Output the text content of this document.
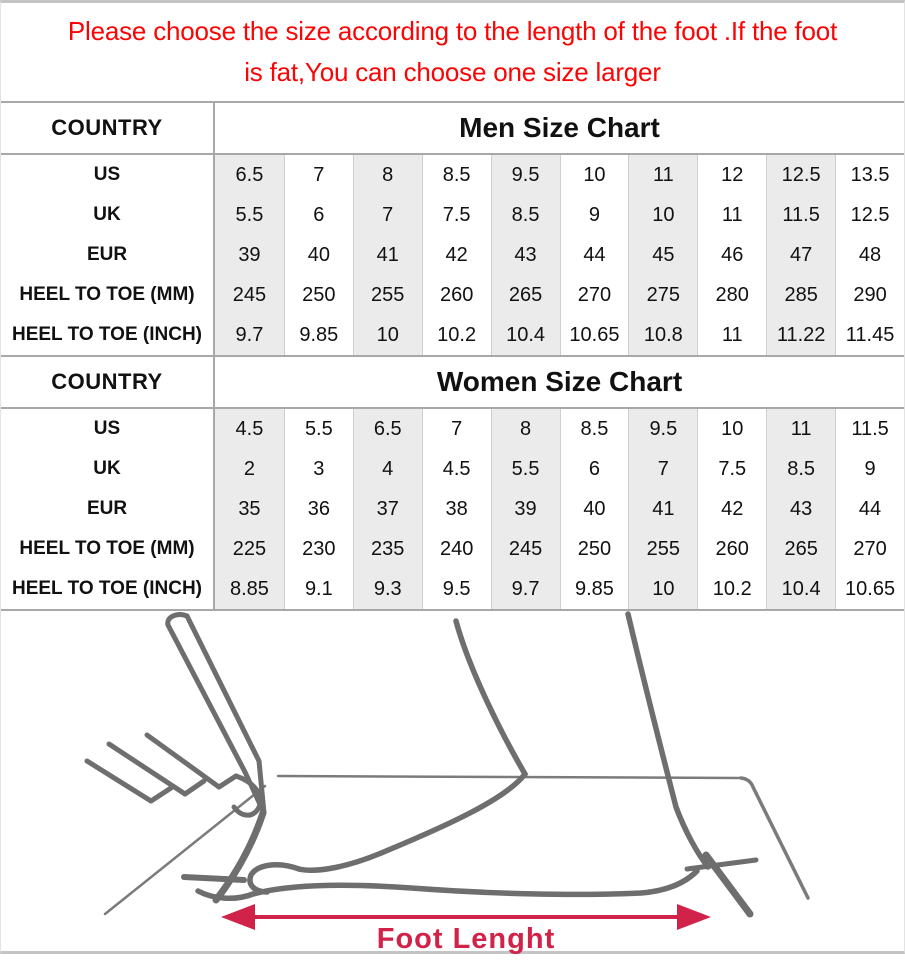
Please choose the size according to the length of the foot .If the foot
is fat,You can choose one size larger
COUNTRY	Men Size Chart
US	6.5	7	8	8.5	9.5	10	11	12	12.5	13.5
UK	5.5	6	7	7.5	8.5	9	10	11	11.5	12.5
EUR	39	40	41	42	43	44	45	46	47	48
HEEL TO TOE (MM)	245	250	255	260	265	270	275	280	285	290
HEEL TO TOE (INCH)	9.7	9.85	10	10.2	10.4	10.65	10.8	11	11.22	11.45
COUNTRY	Women Size Chart
US	4.5	5.5	6.5	7	8	8.5	9.5	10	11	11.5
UK	2	3	4	4.5	5.5	6	7	7.5	8.5	9
EUR	35	36	37	38	39	40	41	42	43	44
HEEL TO TOE (MM)	225	230	235	240	245	250	255	260	265	270
HEEL TO TOE (INCH)	8.85	9.1	9.3	9.5	9.7	9.85	10	10.2	10.4	10.65
Foot Lenght
